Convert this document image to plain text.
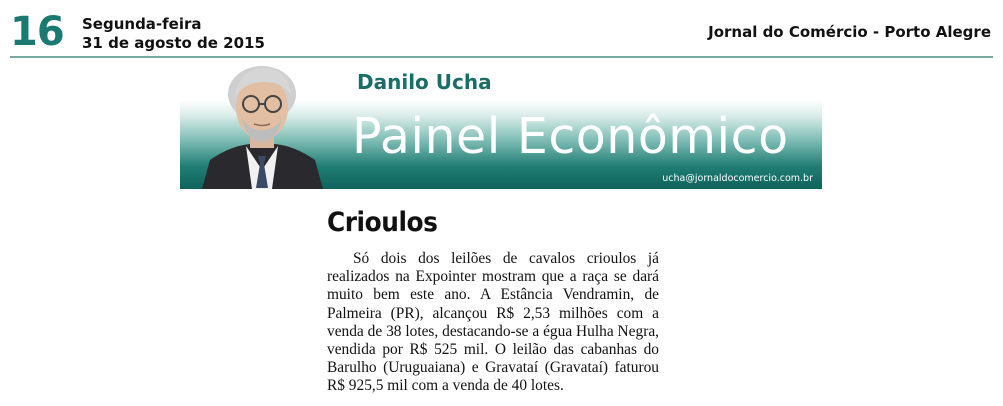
16 Segunda-feira
31 de agosto de 2015
Jornal do Comércio - Porto Alegre
Danilo Ucha
Painel Econômico
ucha@jornaldocomercio.com.br
Crioulos

Só dois dos leilões de cavalos crioulos já realizados na Expointer mostram que a raça se dará muito bem este ano. A Estância Vendramin, de Palmeira (PR), alcançou R$ 2,53 milhões com a venda de 38 lotes, destacando-se a égua Hulha Negra, vendida por R$ 525 mil. O leilão das cabanhas do Barulho (Uruguaiana) e Gravataí (Gravataí) faturou R$ 925,5 mil com a venda de 40 lotes.
